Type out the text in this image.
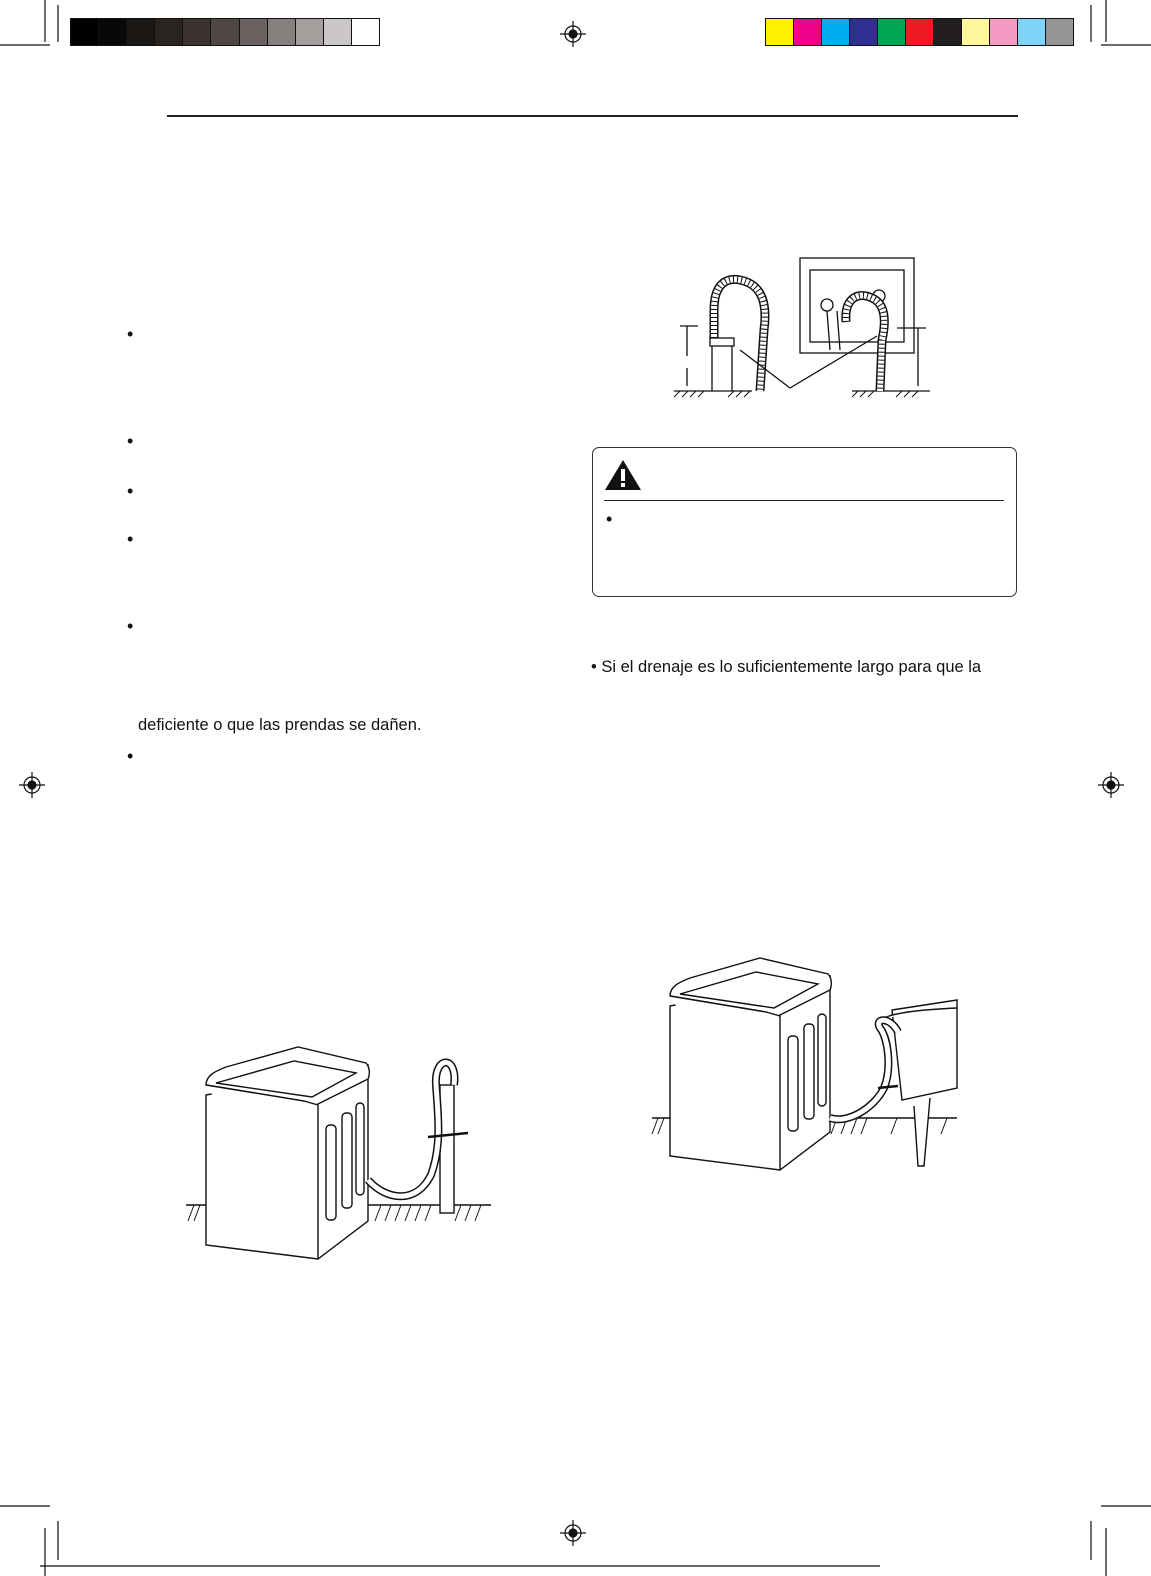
•
•
•
•
•
deficiente o que las prendas se dañen.
•
•
• Si el drenaje es lo suficientemente largo para que la
